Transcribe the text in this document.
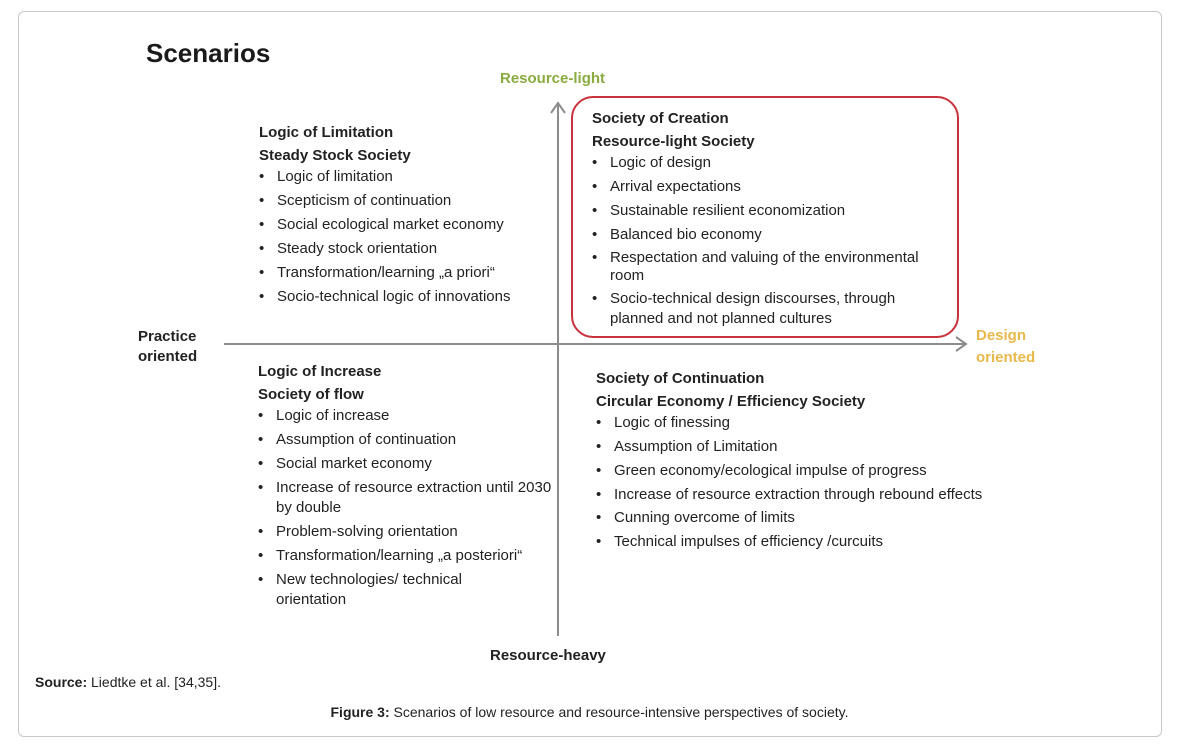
Scenarios
Resource-light
Resource-heavy
Practice oriented
Design oriented
Logic of Limitation
Steady Stock Society
• Logic of limitation
• Scepticism of continuation
• Social ecological market economy
• Steady stock orientation
• Transformation/learning „a priori“
• Socio-technical logic of innovations
Society of Creation
Resource-light Society
• Logic of design
• Arrival expectations
• Sustainable resilient economization
• Balanced bio economy
• Respectation and valuing of the environmental room
• Socio-technical design discourses, through planned and not planned cultures
Logic of Increase
Society of flow
• Logic of increase
• Assumption of continuation
• Social market economy
• Increase of resource extraction until 2030 by double
• Problem-solving orientation
• Transformation/learning „a posteriori“
• New technologies/ technical orientation
Society of Continuation
Circular Economy / Efficiency Society
• Logic of finessing
• Assumption of Limitation
• Green economy/ecological impulse of progress
• Increase of resource extraction through rebound effects
• Cunning overcome of limits
• Technical impulses of efficiency /curcuits
Source: Liedtke et al. [34,35].
Figure 3: Scenarios of low resource and resource-intensive perspectives of society.
